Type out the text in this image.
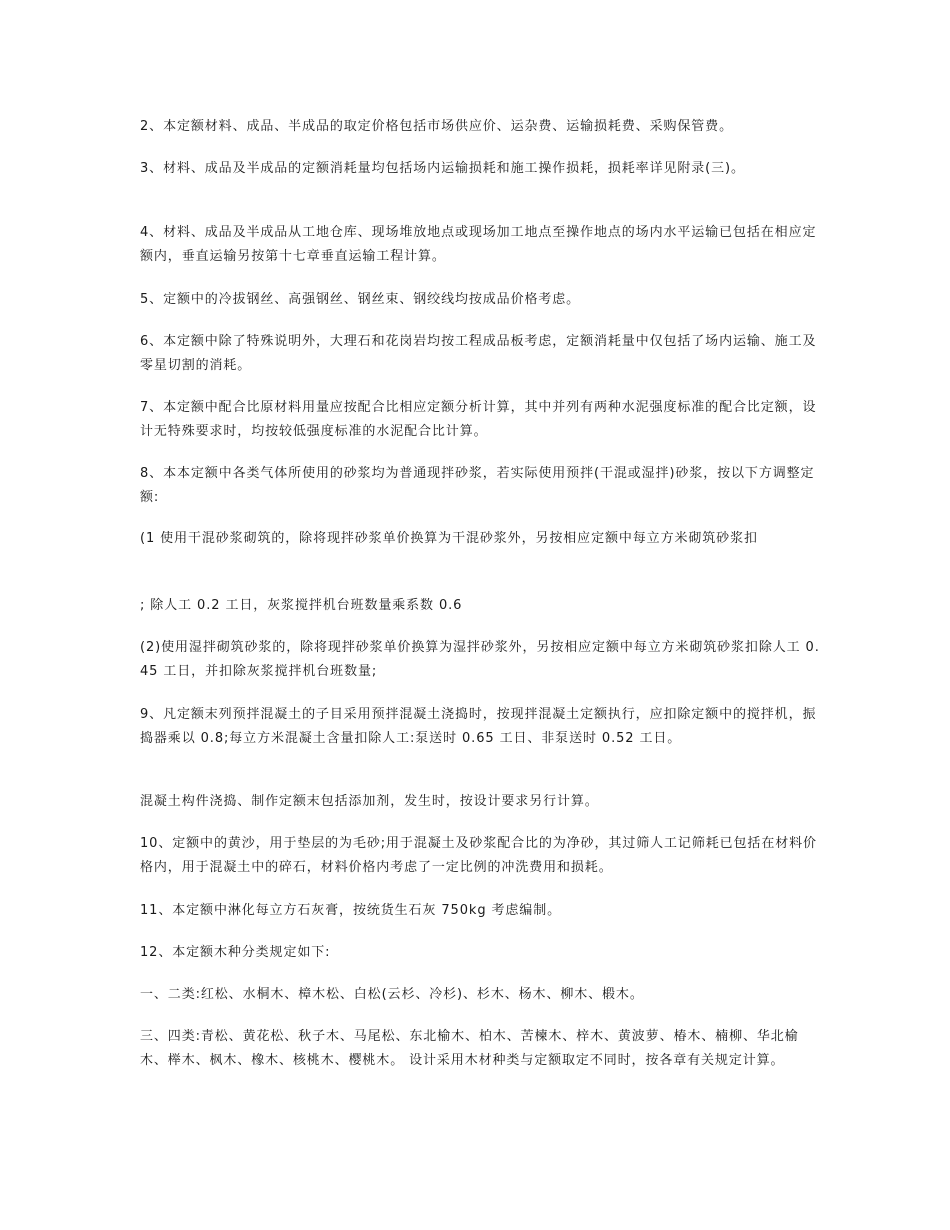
2、本定额材料、成品、半成品的取定价格包括市场供应价、运杂费、运输损耗费、采购保管费。

3、材料、成品及半成品的定额消耗量均包括场内运输损耗和施工操作损耗，损耗率详见附录(三)。

4、材料、成品及半成品从工地仓库、现场堆放地点或现场加工地点至操作地点的场内水平运输已包括在相应定额内，垂直运输另按第十七章垂直运输工程计算。

5、定额中的冷拔钢丝、高强钢丝、钢丝束、钢绞线均按成品价格考虑。

6、本定额中除了特殊说明外，大理石和花岗岩均按工程成品板考虑，定额消耗量中仅包括了场内运输、施工及零星切割的消耗。

7、本定额中配合比原材料用量应按配合比相应定额分析计算，其中并列有两种水泥强度标准的配合比定额，设计无特殊要求时，均按较低强度标准的水泥配合比计算。

8、本本定额中各类气体所使用的砂浆均为普通现拌砂浆，若实际使用预拌(干混或湿拌)砂浆，按以下方调整定额:

(1 使用干混砂浆砌筑的，除将现拌砂浆单价换算为干混砂浆外，另按相应定额中每立方米砌筑砂浆扣

; 除人工 0.2 工日，灰浆搅拌机台班数量乘系数 0.6

(2)使用湿拌砌筑砂浆的，除将现拌砂浆单价换算为湿拌砂浆外，另按相应定额中每立方米砌筑砂浆扣除人工 0.45 工日，并扣除灰浆搅拌机台班数量;

9、凡定额末列预拌混凝土的子目采用预拌混凝土浇捣时，按现拌混凝土定额执行，应扣除定额中的搅拌机，振捣器乘以 0.8;每立方米混凝土含量扣除人工:泵送时 0.65 工日、非泵送时 0.52 工日。

混凝土构件浇捣、制作定额末包括添加剂，发生时，按设计要求另行计算。

10、定额中的黄沙，用于垫层的为毛砂;用于混凝土及砂浆配合比的为净砂，其过筛人工记筛耗已包括在材料价格内，用于混凝土中的碎石，材料价格内考虑了一定比例的冲洗费用和损耗。

11、本定额中淋化每立方石灰膏，按统货生石灰 750kg 考虑编制。

12、本定额木种分类规定如下:

一、二类:红松、水桐木、樟木松、白松(云杉、冷杉)、杉木、杨木、柳木、椴木。

三、四类:青松、黄花松、秋子木、马尾松、东北榆木、柏木、苦楝木、梓木、黄波萝、椿木、楠柳、华北榆木、榉木、枫木、橡木、核桃木、樱桃木。 设计采用木材种类与定额取定不同时，按各章有关规定计算。
